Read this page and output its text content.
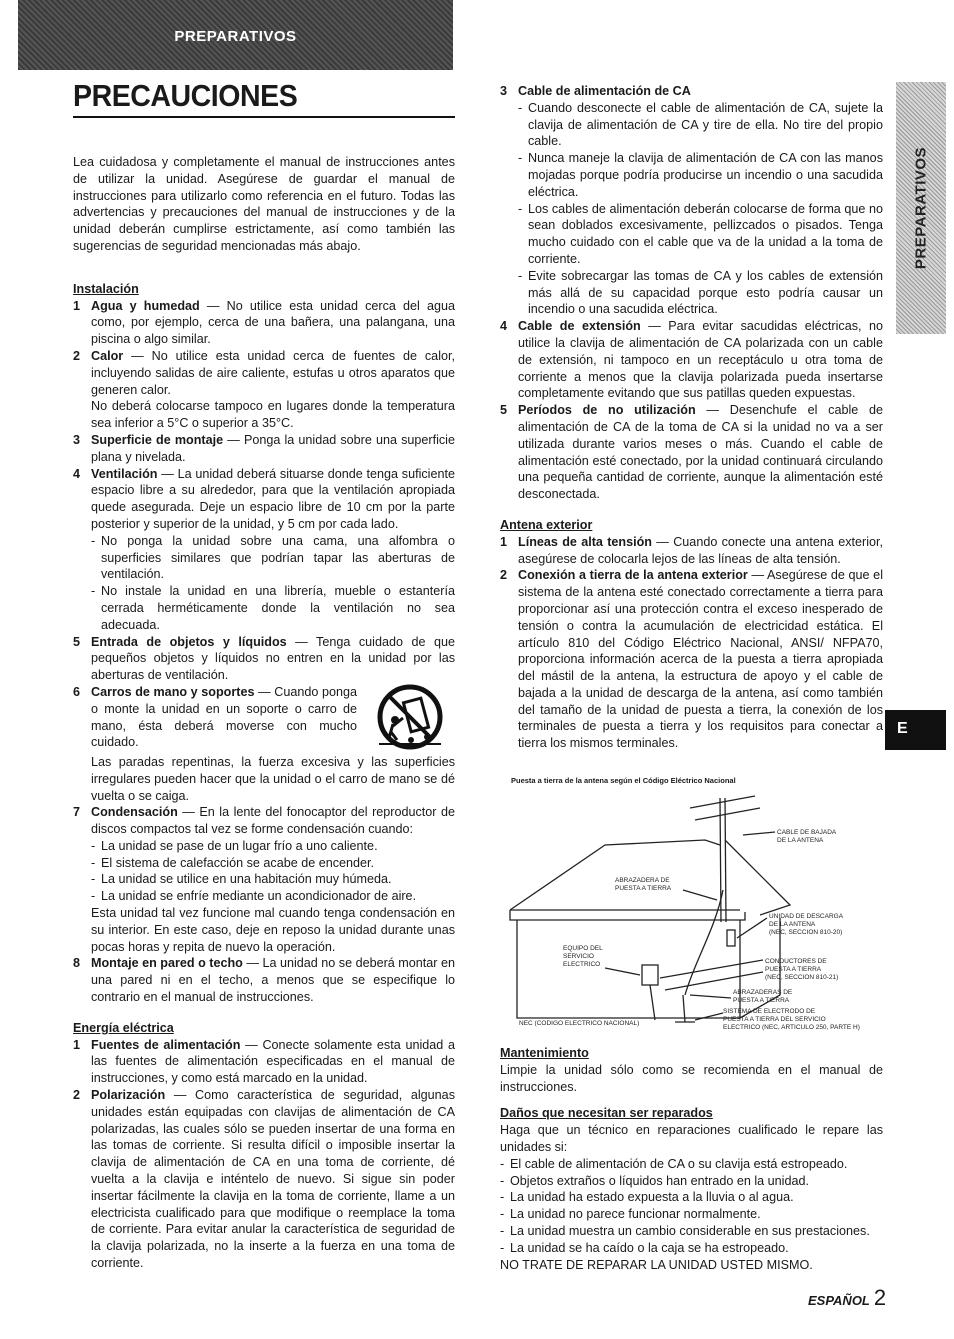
PREPARATIVOS
PRECAUCIONES
PREPARATIVOS
E

Lea cuidadosa y completamente el manual de instrucciones antes de utilizar la unidad. Asegúrese de guardar el manual de instrucciones para utilizarlo como referencia en el futuro. Todas las advertencias y precauciones del manual de instrucciones y de la unidad deberán cumplirse estrictamente, así como también las sugerencias de seguridad mencionadas más abajo.

Instalación

1 Agua y humedad — No utilice esta unidad cerca del agua como, por ejemplo, cerca de una bañera, una palangana, una piscina o algo similar.
2 Calor — No utilice esta unidad cerca de fuentes de calor, incluyendo salidas de aire caliente, estufas u otros aparatos que generen calor.
No deberá colocarse tampoco en lugares donde la temperatura sea inferior a 5°C o superior a 35°C.
3 Superficie de montaje — Ponga la unidad sobre una superficie plana y nivelada.
4 Ventilación — La unidad deberá situarse donde tenga suficiente espacio libre a su alrededor, para que la ventilación apropiada quede asegurada. Deje un espacio libre de 10 cm por la parte posterior y superior de la unidad, y 5 cm por cada lado.
- No ponga la unidad sobre una cama, una alfombra o superficies similares que podrían tapar las aberturas de ventilación.
- No instale la unidad en una librería, mueble o estantería cerrada herméticamente donde la ventilación no sea adecuada.
5 Entrada de objetos y líquidos — Tenga cuidado de que pequeños objetos y líquidos no entren en la unidad por las aberturas de ventilación.
6 Carros de mano y soportes — Cuando ponga o monte la unidad en un soporte o carro de mano, ésta deberá moverse con mucho cuidado.
Las paradas repentinas, la fuerza excesiva y las superficies irregulares pueden hacer que la unidad o el carro de mano se dé vuelta o se caiga.
7 Condensación — En la lente del fonocaptor del reproductor de discos compactos tal vez se forme condensación cuando:
- La unidad se pase de un lugar frío a uno caliente.
- El sistema de calefacción se acabe de encender.
- La unidad se utilice en una habitación muy húmeda.
- La unidad se enfríe mediante un acondicionador de aire.
Esta unidad tal vez funcione mal cuando tenga condensación en su interior. En este caso, deje en reposo la unidad durante unas pocas horas y repita de nuevo la operación.
8 Montaje en pared o techo — La unidad no se deberá montar en una pared ni en el techo, a menos que se especifique lo contrario en el manual de instrucciones.

Energía eléctrica

1 Fuentes de alimentación — Conecte solamente esta unidad a las fuentes de alimentación especificadas en el manual de instrucciones, y como está marcado en la unidad.
2 Polarización — Como característica de seguridad, algunas unidades están equipadas con clavijas de alimentación de CA polarizadas, las cuales sólo se pueden insertar de una forma en las tomas de corriente. Si resulta difícil o imposible insertar la clavija de alimentación de CA en una toma de corriente, dé vuelta a la clavija e inténtelo de nuevo. Si sigue sin poder insertar fácilmente la clavija en la toma de corriente, llame a un electricista cualificado para que modifique o reemplace la toma de corriente. Para evitar anular la característica de seguridad de la clavija polarizada, no la inserte a la fuerza en una toma de corriente.
3 Cable de alimentación de CA
- Cuando desconecte el cable de alimentación de CA, sujete la clavija de alimentación de CA y tire de ella. No tire del propio cable.
- Nunca maneje la clavija de alimentación de CA con las manos mojadas porque podría producirse un incendio o una sacudida eléctrica.
- Los cables de alimentación deberán colocarse de forma que no sean doblados excesivamente, pellizcados o pisados. Tenga mucho cuidado con el cable que va de la unidad a la toma de corriente.
- Evite sobrecargar las tomas de CA y los cables de extensión más allá de su capacidad porque esto podría causar un incendio o una sacudida eléctrica.
4 Cable de extensión — Para evitar sacudidas eléctricas, no utilice la clavija de alimentación de CA polarizada con un cable de extensión, ni tampoco en un receptáculo u otra toma de corriente a menos que la clavija polarizada pueda insertarse completamente evitando que sus patillas queden expuestas.
5 Períodos de no utilización — Desenchufe el cable de alimentación de CA de la toma de CA si la unidad no va a ser utilizada durante varios meses o más. Cuando el cable de alimentación esté conectado, por la unidad continuará circulando una pequeña cantidad de corriente, aunque la alimentación esté desconectada.

Antena exterior

1 Líneas de alta tensión — Cuando conecte una antena exterior, asegúrese de colocarla lejos de las líneas de alta tensión.
2 Conexión a tierra de la antena exterior — Asegúrese de que el sistema de la antena esté conectado correctamente a tierra para proporcionar así una protección contra el exceso inesperado de tensión o contra la acumulación de electricidad estática. El artículo 810 del Código Eléctrico Nacional, ANSI/ NFPA70, proporciona información acerca de la puesta a tierra apropiada del mástil de la antena, la estructura de apoyo y el cable de bajada a la unidad de descarga de la antena, así como también del tamaño de la unidad de puesta a tierra, la conexión de los terminales de puesta a tierra y los requisitos para conectar a tierra los mismos terminales.
Puesta a tierra de la antena según el Código Eléctrico Nacional
CABLE DE BAJADA
DE LA ANTENA
ABRAZADERA DE
PUESTA A TIERRA
UNIDAD DE DESCARGA
DE LA ANTENA
(NEC, SECCION 810-20)
EQUIPO DEL
SERVICIO
ELECTRICO	CONDUCTORES DE
PUESTA A TIERRA
(NEC, SECCION 810-21)
ABRAZADERAS DE
PUESTA A TIERRA
SISTEMA DE ELECTRODO DE
PUESTA A TIERRA DEL SERVICIO
ELECTRICO (NEC, ARTICULO 250, PARTE H)
NEC (CODIGO ELECTRICO NACIONAL)

Mantenimiento

Limpie la unidad sólo como se recomienda en el manual de instrucciones.

Daños que necesitan ser reparados

Haga que un técnico en reparaciones cualificado le repare las unidades si:

- El cable de alimentación de CA o su clavija está estropeado.
- Objetos extraños o líquidos han entrado en la unidad.
- La unidad ha estado expuesta a la lluvia o al agua.
- La unidad no parece funcionar normalmente.
- La unidad muestra un cambio considerable en sus prestaciones.
- La unidad se ha caído o la caja se ha estropeado.

NO TRATE DE REPARAR LA UNIDAD USTED MISMO.

ESPAÑOL 2
